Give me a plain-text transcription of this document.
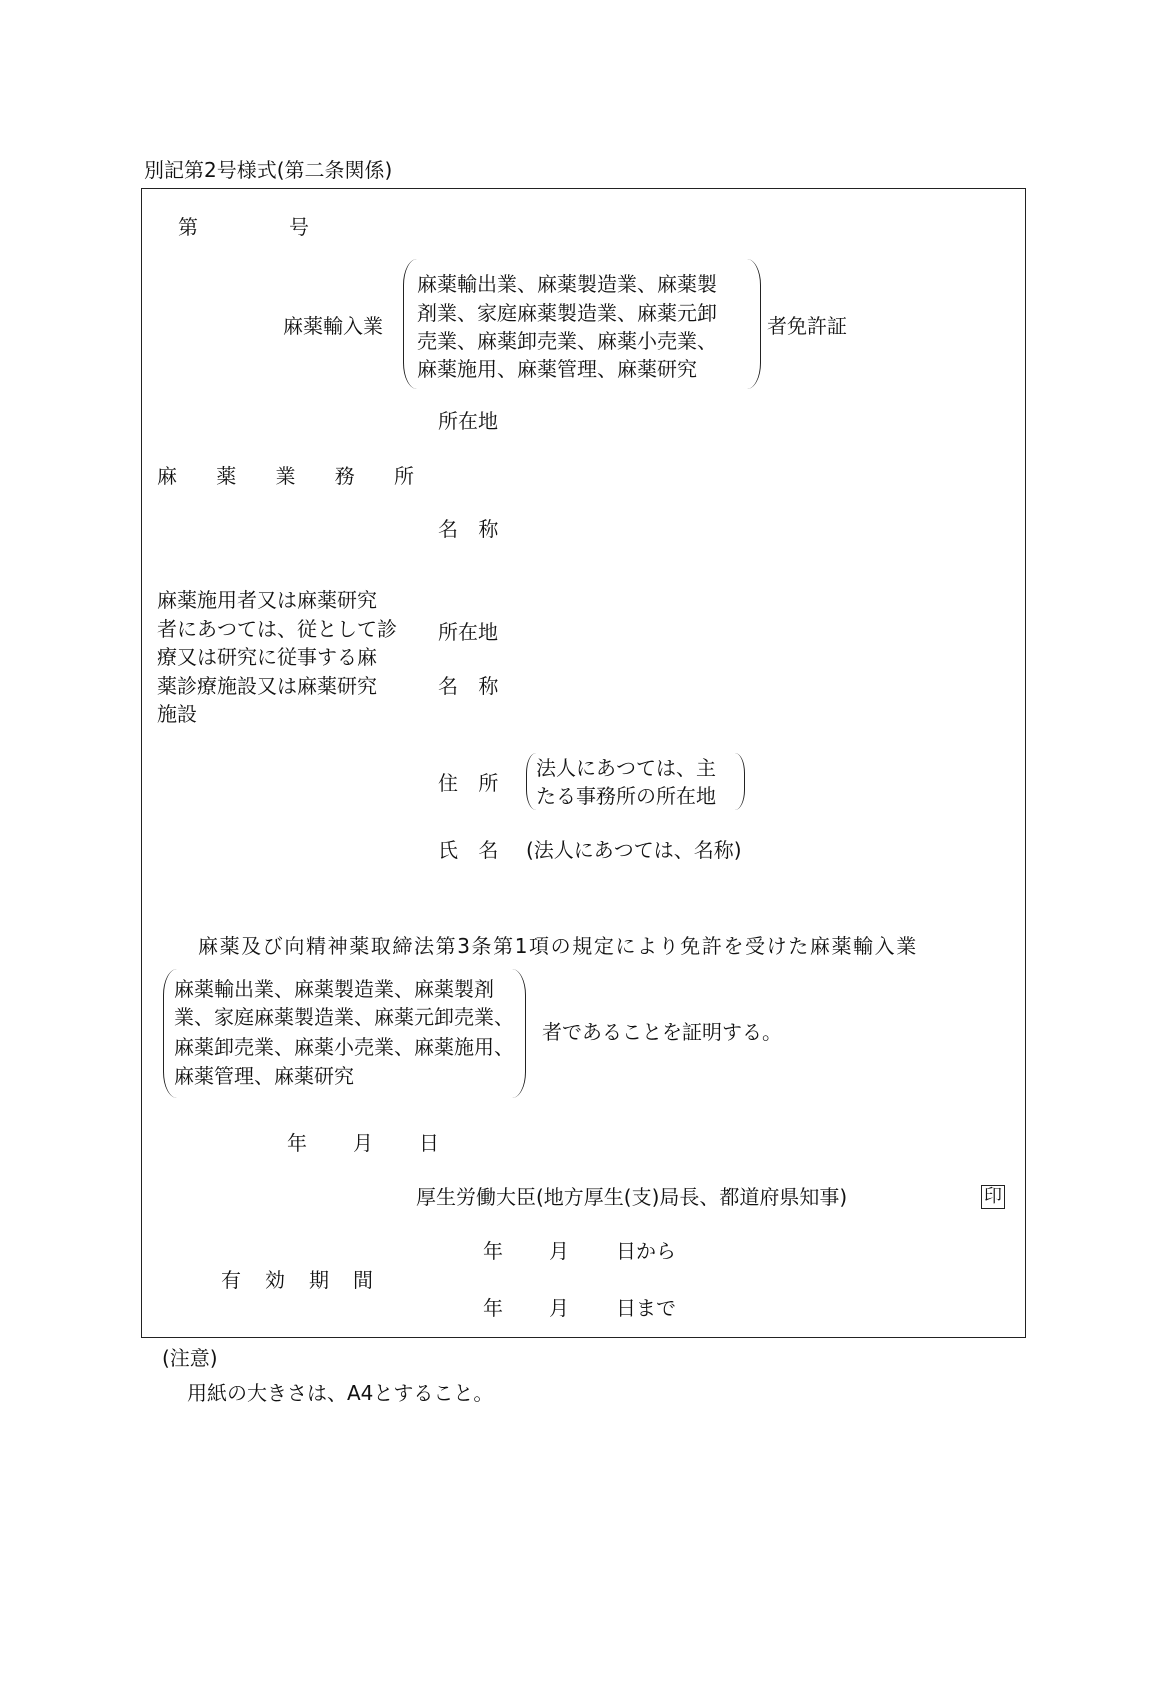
別記第2号様式(第二条関係)
第	号
麻薬輸入業
麻薬輸出業、麻薬製造業、麻薬製
剤業、家庭麻薬製造業、麻薬元卸
売業、麻薬卸売業、麻薬小売業、
麻薬施用、麻薬管理、麻薬研究
者免許証
所在地
麻 薬 業 務 所
名 称
麻薬施用者又は麻薬研究
者にあつては、従として診
療又は研究に従事する麻
薬診療施設又は麻薬研究
施設
所在地
名 称
住 所
法人にあつては、主
たる事務所の所在地
氏 名 (法人にあつては、名称)
麻薬及び向精神薬取締法第3条第1項の規定により免許を受けた麻薬輸入業
麻薬輸出業、麻薬製造業、麻薬製剤
業、家庭麻薬製造業、麻薬元卸売業、
麻薬卸売業、麻薬小売業、麻薬施用、
麻薬管理、麻薬研究
者であることを証明する。
年 月 日
厚生労働大臣(地方厚生(支)局長、都道府県知事)	印
年 月 日から
有 効 期 間
年 月 日まで
(注意)
用紙の大きさは、A4とすること。
